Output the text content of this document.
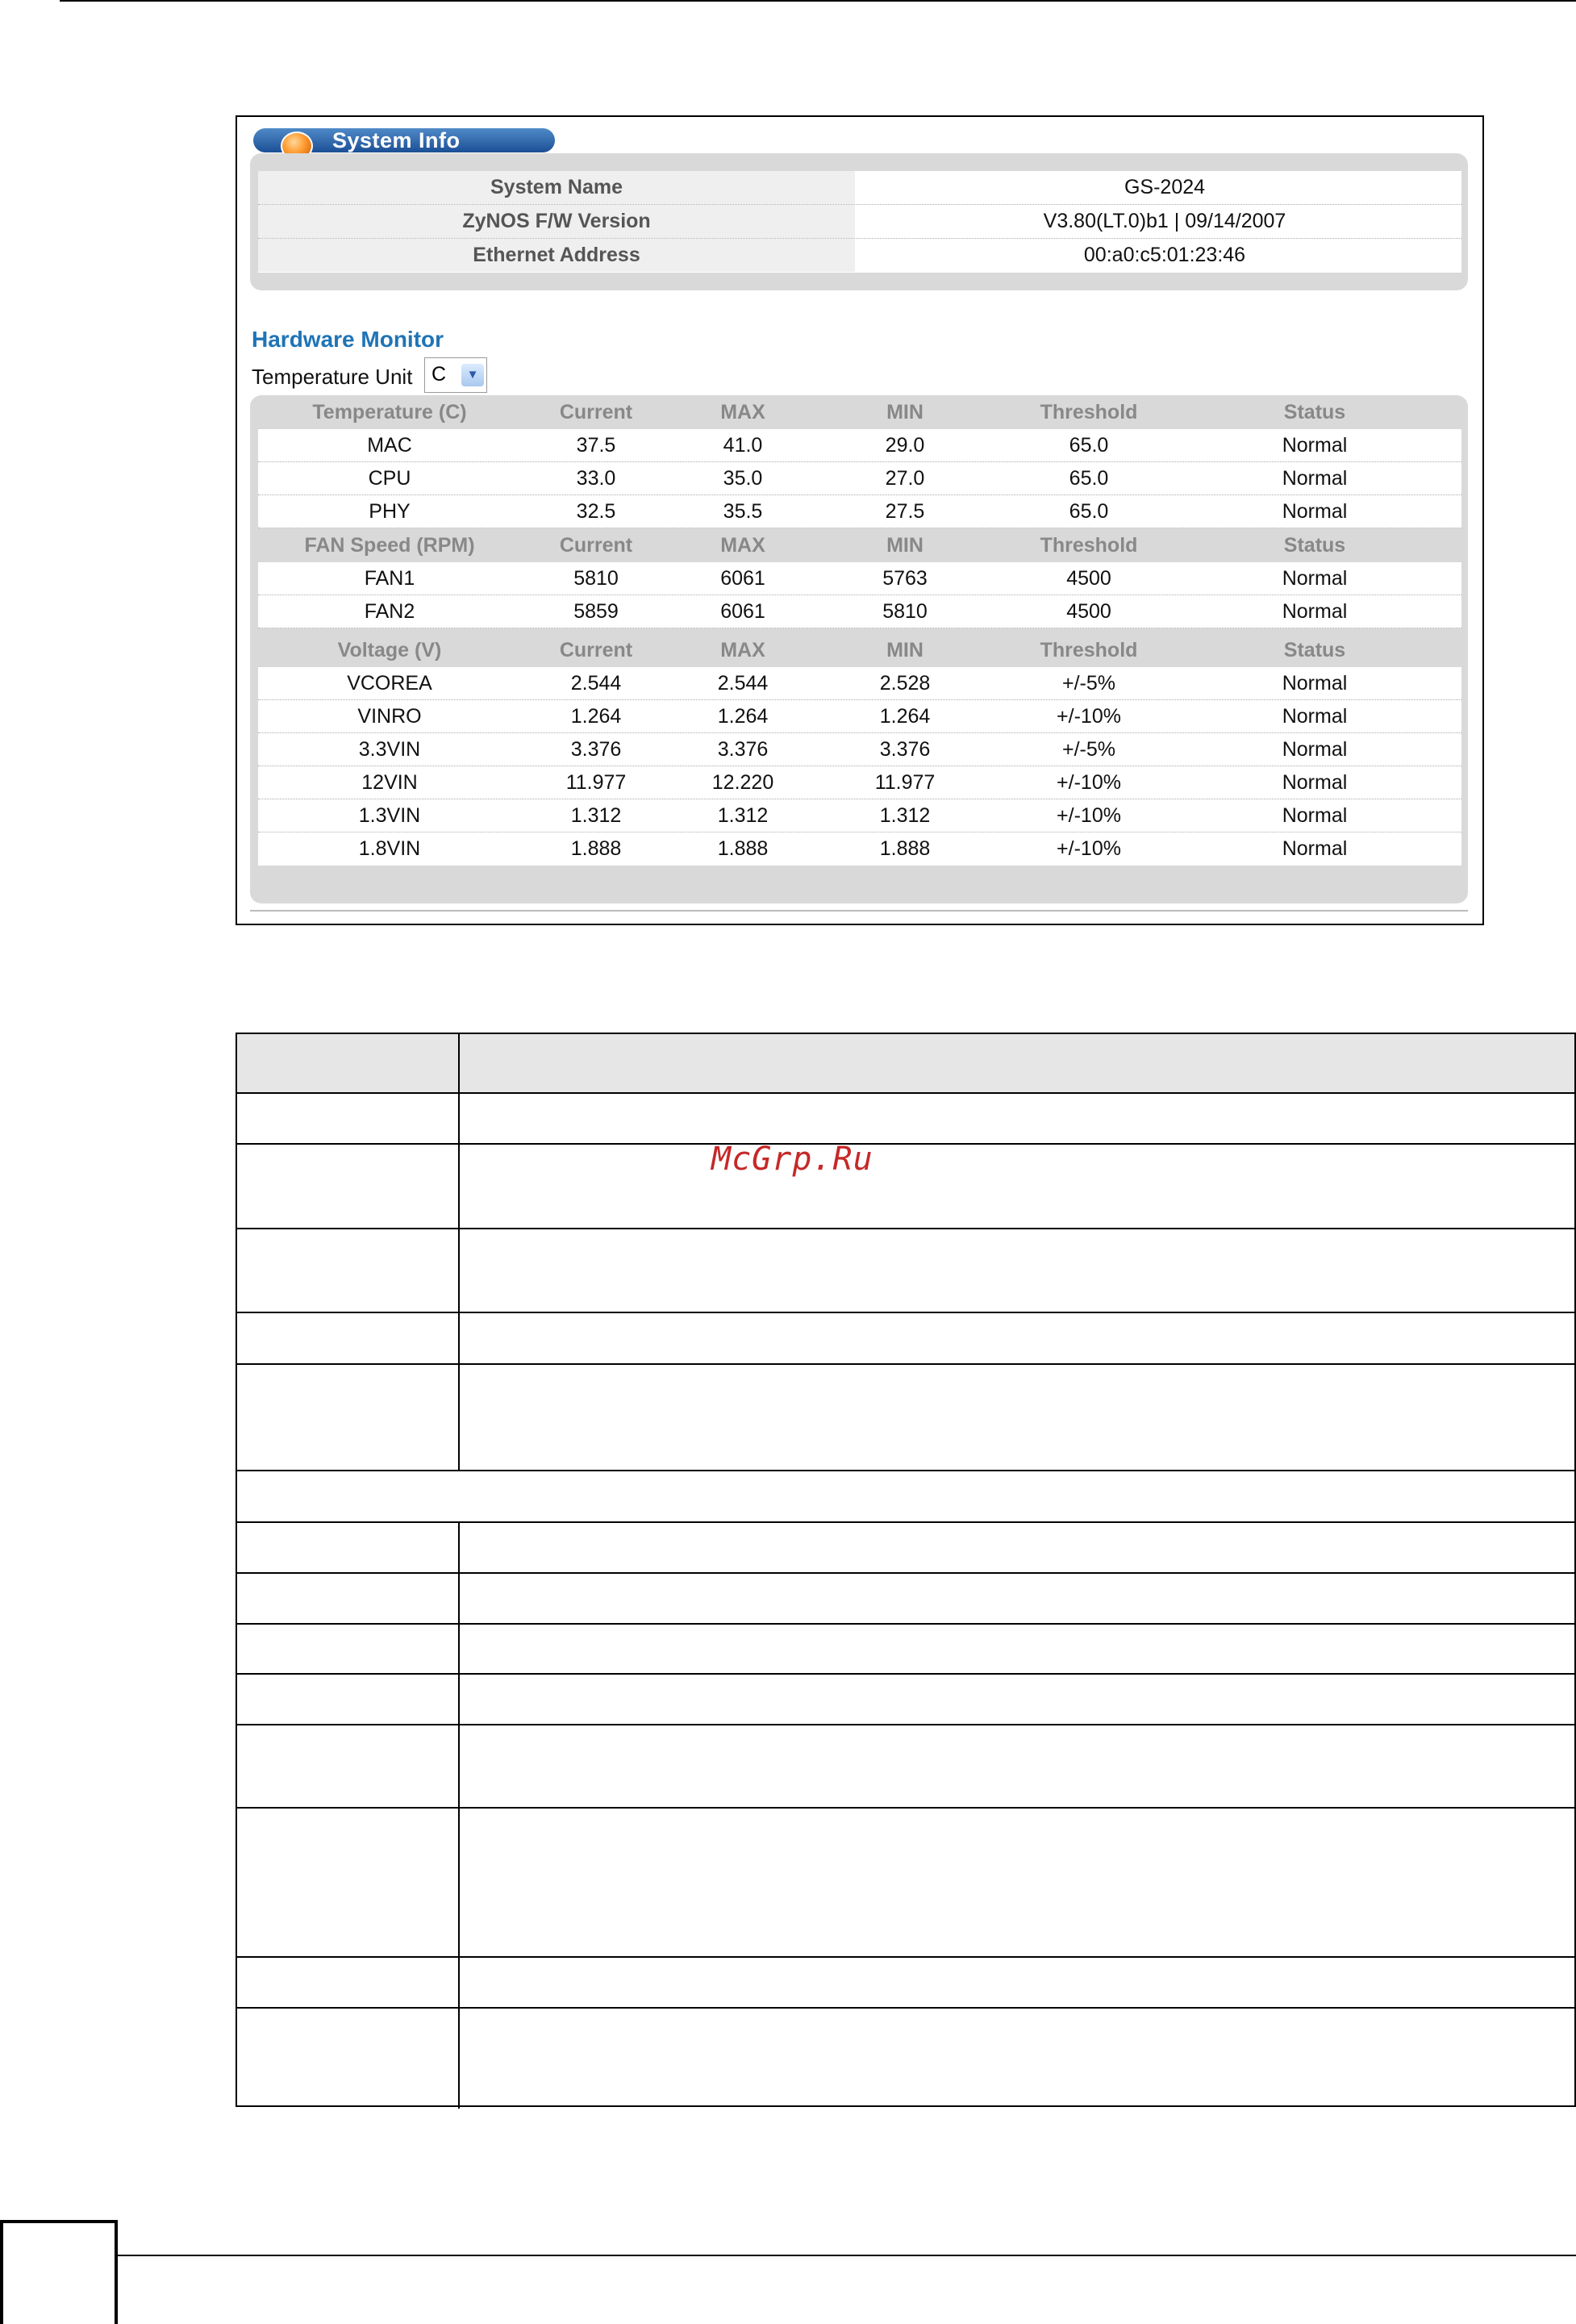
System Info
System Name	GS-2024
ZyNOS F/W Version	V3.80(LT.0)b1 | 09/14/2007
Ethernet Address	00:a0:c5:01:23:46
Hardware Monitor
Temperature Unit C	▼
Temperature (C)	Current	MAX	MIN	Threshold	Status
MAC	37.5	41.0	29.0	65.0	Normal
CPU	33.0	35.0	27.0	65.0	Normal
PHY	32.5	35.5	27.5	65.0	Normal
FAN Speed (RPM)	Current	MAX	MIN	Threshold	Status
FAN1	5810	6061	5763	4500	Normal
FAN2	5859	6061	5810	4500	Normal
Voltage (V)	Current	MAX	MIN	Threshold	Status
VCOREA	2.544	2.544	2.528	+/-5%	Normal
VINRO	1.264	1.264	1.264	+/-10%	Normal
3.3VIN	3.376	3.376	3.376	+/-5%	Normal
12VIN	11.977	12.220	11.977	+/-10%	Normal
1.3VIN	1.312	1.312	1.312	+/-10%	Normal
1.8VIN	1.888	1.888	1.888	+/-10%	Normal
McGrp.Ru
